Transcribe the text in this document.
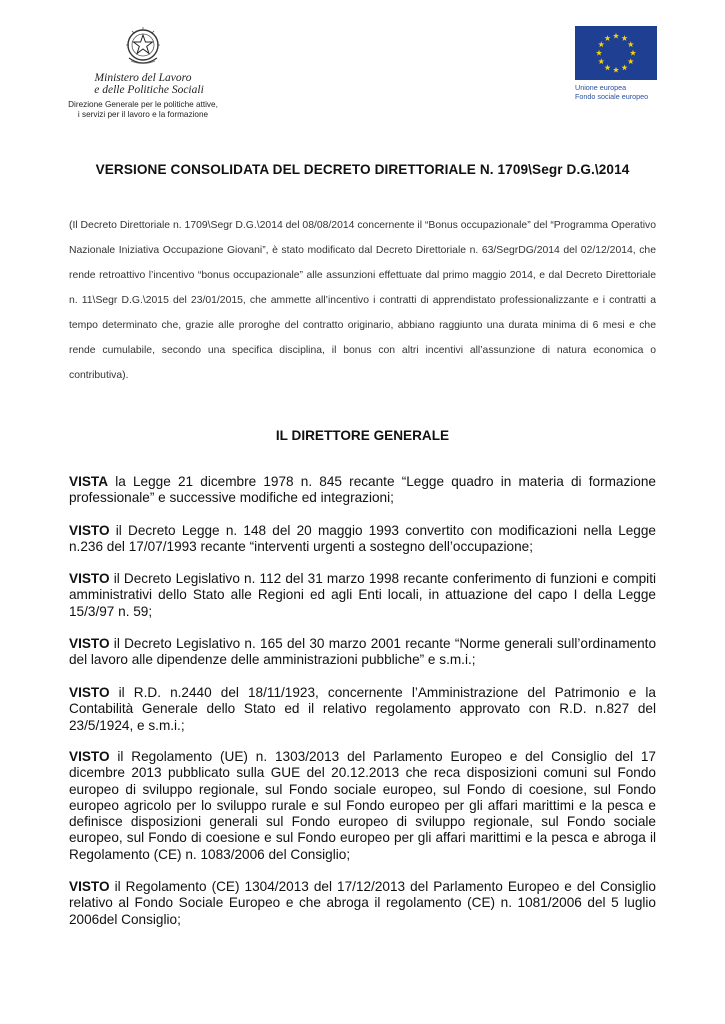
Ministero del Lavoro
e delle Politiche Sociali
Direzione Generale per le politiche attive,
i servizi per il lavoro e la formazione
Unione europea
Fondo sociale europeo
VERSIONE CONSOLIDATA DEL DECRETO DIRETTORIALE N. 1709\Segr D.G.\2014
(Il Decreto Direttoriale n. 1709\Segr D.G.\2014 del 08/08/2014 concernente il “Bonus occupazionale” del “Programma Operativo Nazionale Iniziativa Occupazione Giovani”, è stato modificato dal Decreto Direttoriale n. 63/SegrDG/2014 del 02/12/2014, che rende retroattivo l’incentivo “bonus occupazionale” alle assunzioni effettuate dal primo maggio 2014, e dal Decreto Direttoriale n. 11\Segr D.G.\2015 del 23/01/2015, che ammette all’incentivo i contratti di apprendistato professionalizzante e i contratti a tempo determinato che, grazie alle proroghe del contratto originario, abbiano raggiunto una durata minima di 6 mesi e che rende cumulabile, secondo una specifica disciplina, il bonus con altri incentivi all’assunzione di natura economica o contributiva).
IL DIRETTORE GENERALE
VISTA la Legge 21 dicembre 1978 n. 845 recante “Legge quadro in materia di formazione professionale” e successive modifiche ed integrazioni;
VISTO il Decreto Legge n. 148 del 20 maggio 1993 convertito con modificazioni nella Legge n.236 del 17/07/1993 recante “interventi urgenti a sostegno dell’occupazione;
VISTO il Decreto Legislativo n. 112 del 31 marzo 1998 recante conferimento di funzioni e compiti amministrativi dello Stato alle Regioni ed agli Enti locali, in attuazione del capo I della Legge 15/3/97 n. 59;
VISTO il Decreto Legislativo n. 165 del 30 marzo 2001 recante “Norme generali sull’ordinamento del lavoro alle dipendenze delle amministrazioni pubbliche” e s.m.i.;
VISTO il R.D. n.2440 del 18/11/1923, concernente l’Amministrazione del Patrimonio e la Contabilità Generale dello Stato ed il relativo regolamento approvato con R.D. n.827 del 23/5/1924, e s.m.i.;
VISTO il Regolamento (UE) n. 1303/2013 del Parlamento Europeo e del Consiglio del 17 dicembre 2013 pubblicato sulla GUE del 20.12.2013 che reca disposizioni comuni sul Fondo europeo di sviluppo regionale, sul Fondo sociale europeo, sul Fondo di coesione, sul Fondo europeo agricolo per lo sviluppo rurale e sul Fondo europeo per gli affari marittimi e la pesca e definisce disposizioni generali sul Fondo europeo di sviluppo regionale, sul Fondo sociale europeo, sul Fondo di coesione e sul Fondo europeo per gli affari marittimi e la pesca e abroga il Regolamento (CE) n. 1083/2006 del Consiglio;
VISTO il Regolamento (CE) 1304/2013 del 17/12/2013 del Parlamento Europeo e del Consiglio relativo al Fondo Sociale Europeo e che abroga il regolamento (CE) n. 1081/2006 del 5 luglio 2006del Consiglio;
